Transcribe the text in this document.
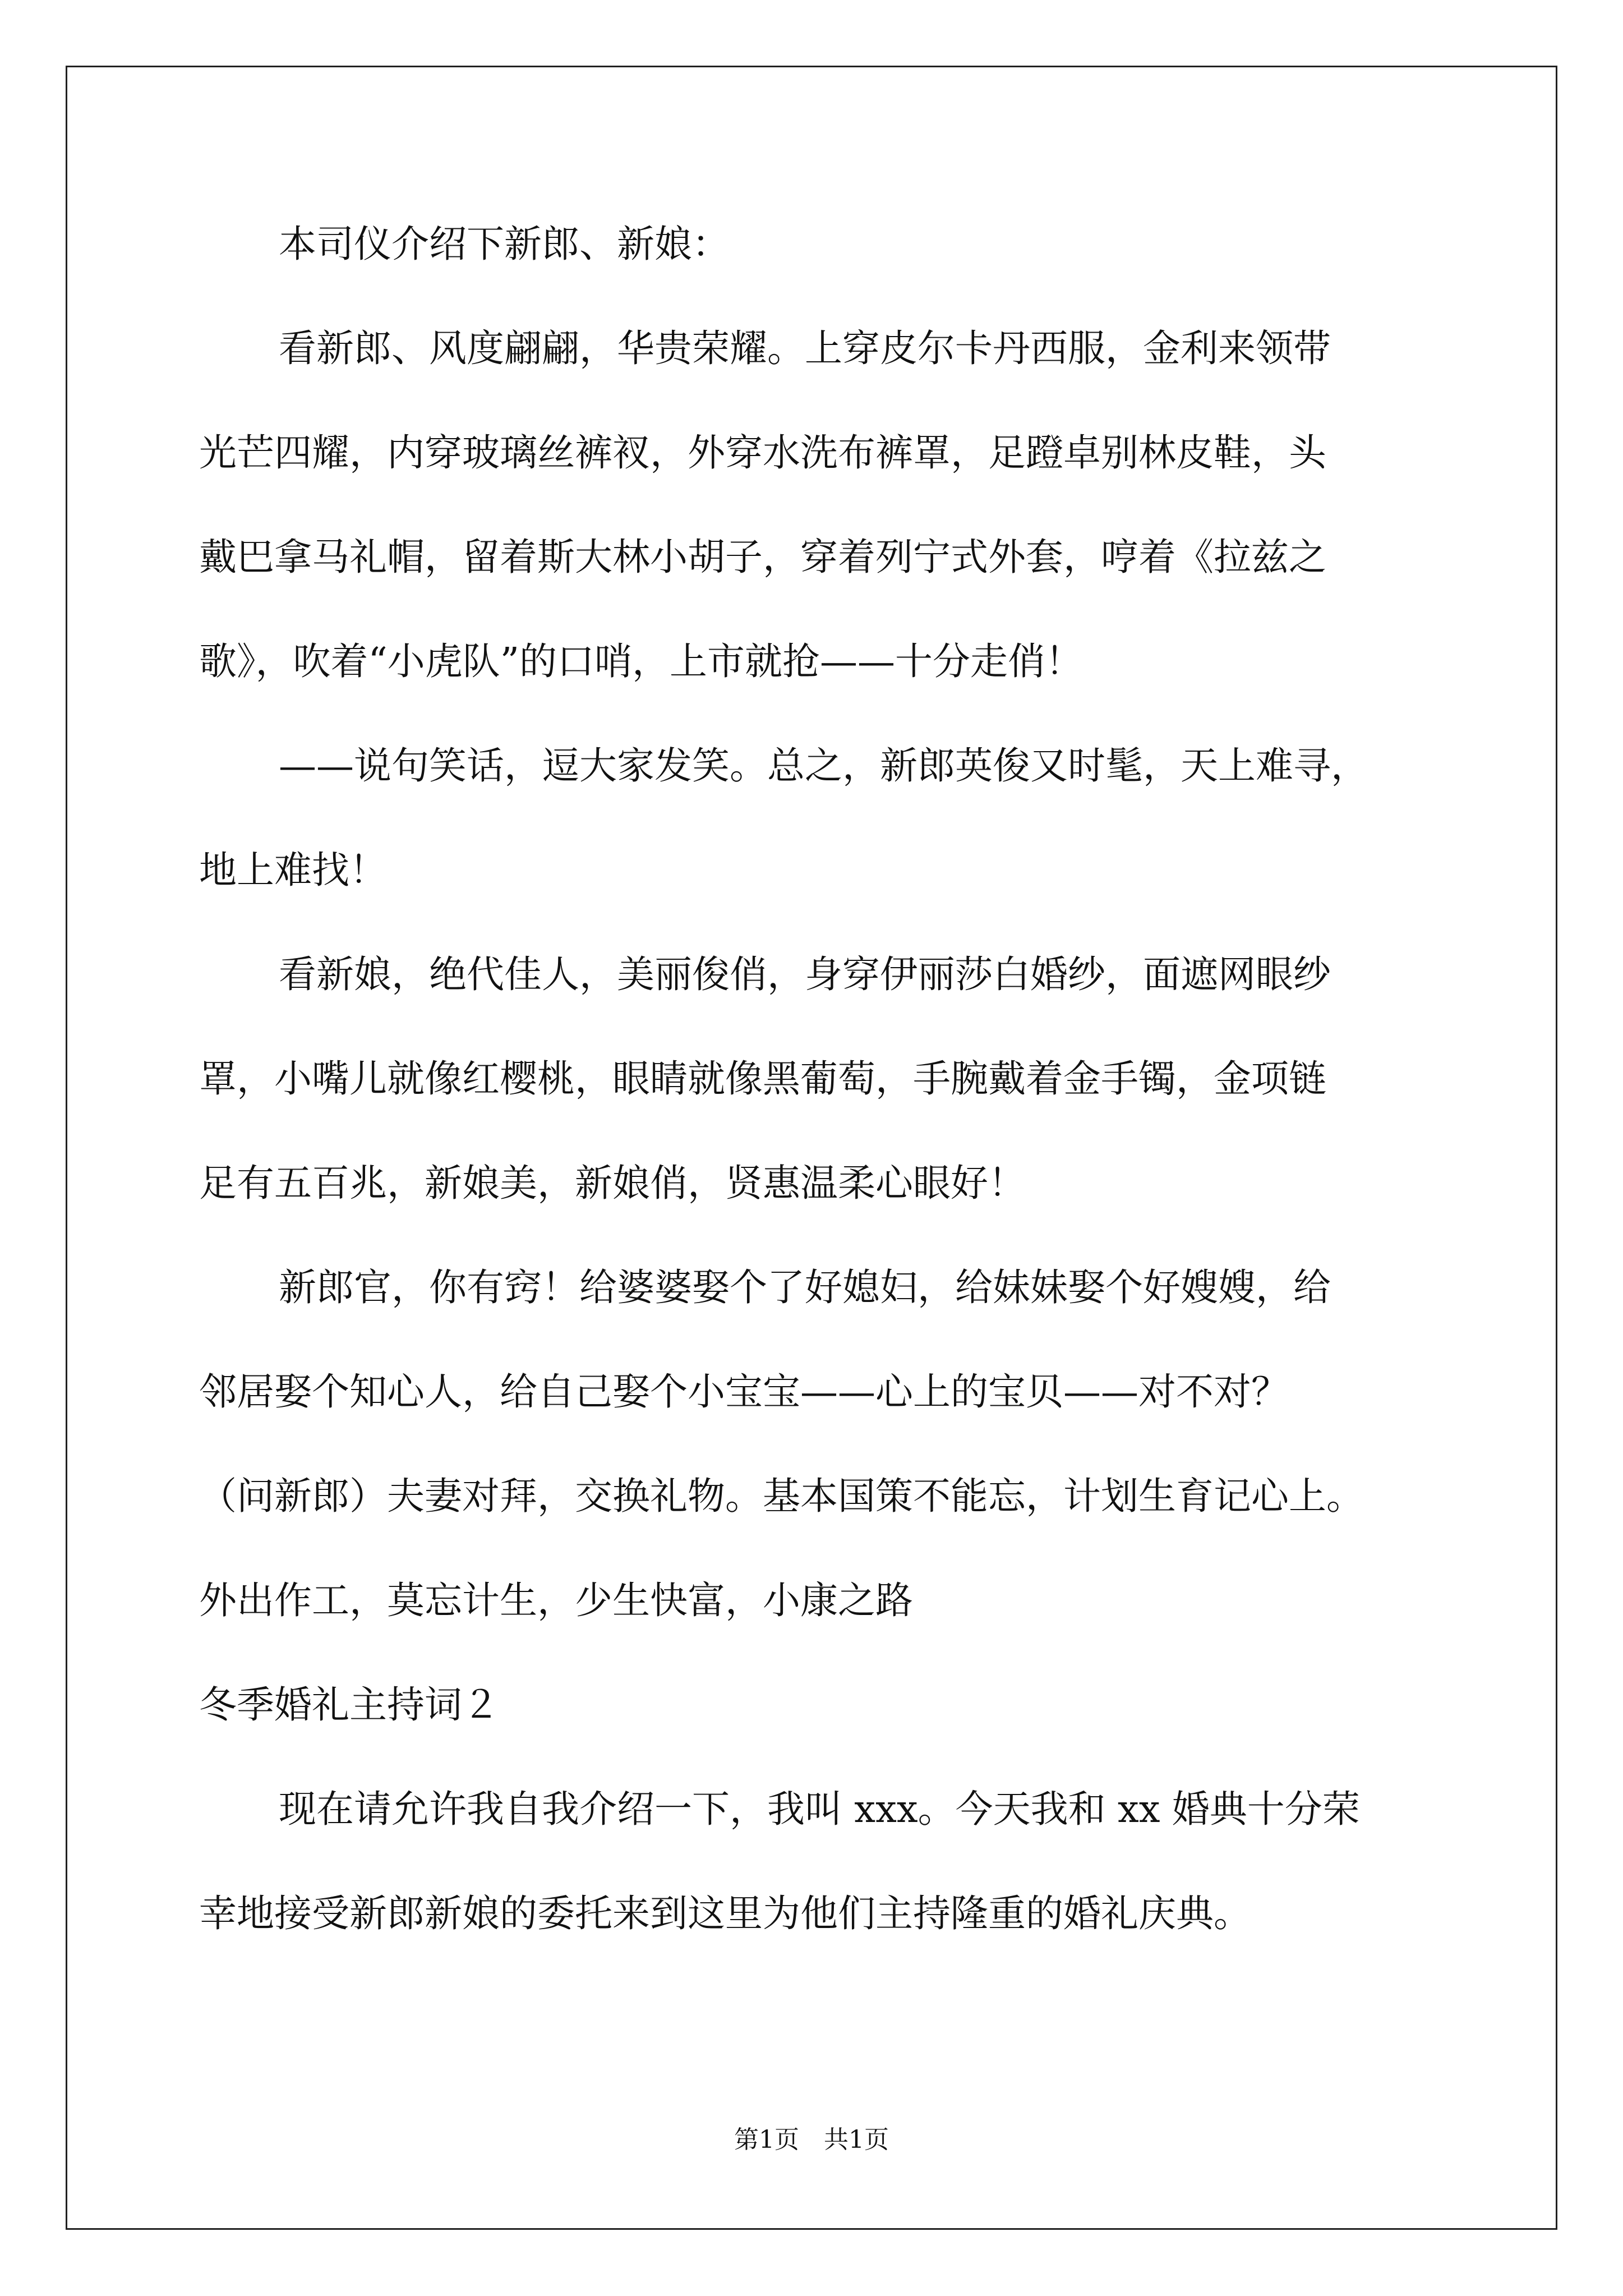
本司仪介绍下新郎、新娘：
看新郎、风度翩翩，华贵荣耀。上穿皮尔卡丹西服，金利来领带
光芒四耀，内穿玻璃丝裤衩，外穿水洗布裤罩，足蹬卓别林皮鞋，头
戴巴拿马礼帽，留着斯大林小胡子，穿着列宁式外套，哼着《拉兹之
歌》，吹着“小虎队”的口哨，上市就抢——十分走俏！
——说句笑话，逗大家发笑。总之，新郎英俊又时髦，天上难寻，
地上难找！
看新娘，绝代佳人，美丽俊俏，身穿伊丽莎白婚纱，面遮网眼纱
罩，小嘴儿就像红樱桃，眼睛就像黑葡萄，手腕戴着金手镯，金项链
足有五百兆，新娘美，新娘俏，贤惠温柔心眼好！
新郎官，你有窍！给婆婆娶个了好媳妇，给妹妹娶个好嫂嫂，给
邻居娶个知心人，给自己娶个小宝宝——心上的宝贝——对不对？
（问新郎）夫妻对拜，交换礼物。基本国策不能忘，计划生育记心上。
外出作工，莫忘计生，少生快富，小康之路
冬季婚礼主持词２
现在请允许我自我介绍一下，我叫 xxx。今天我和 xx 婚典十分荣
幸地接受新郎新娘的委托来到这里为他们主持隆重的婚礼庆典。
第1页　共1页
